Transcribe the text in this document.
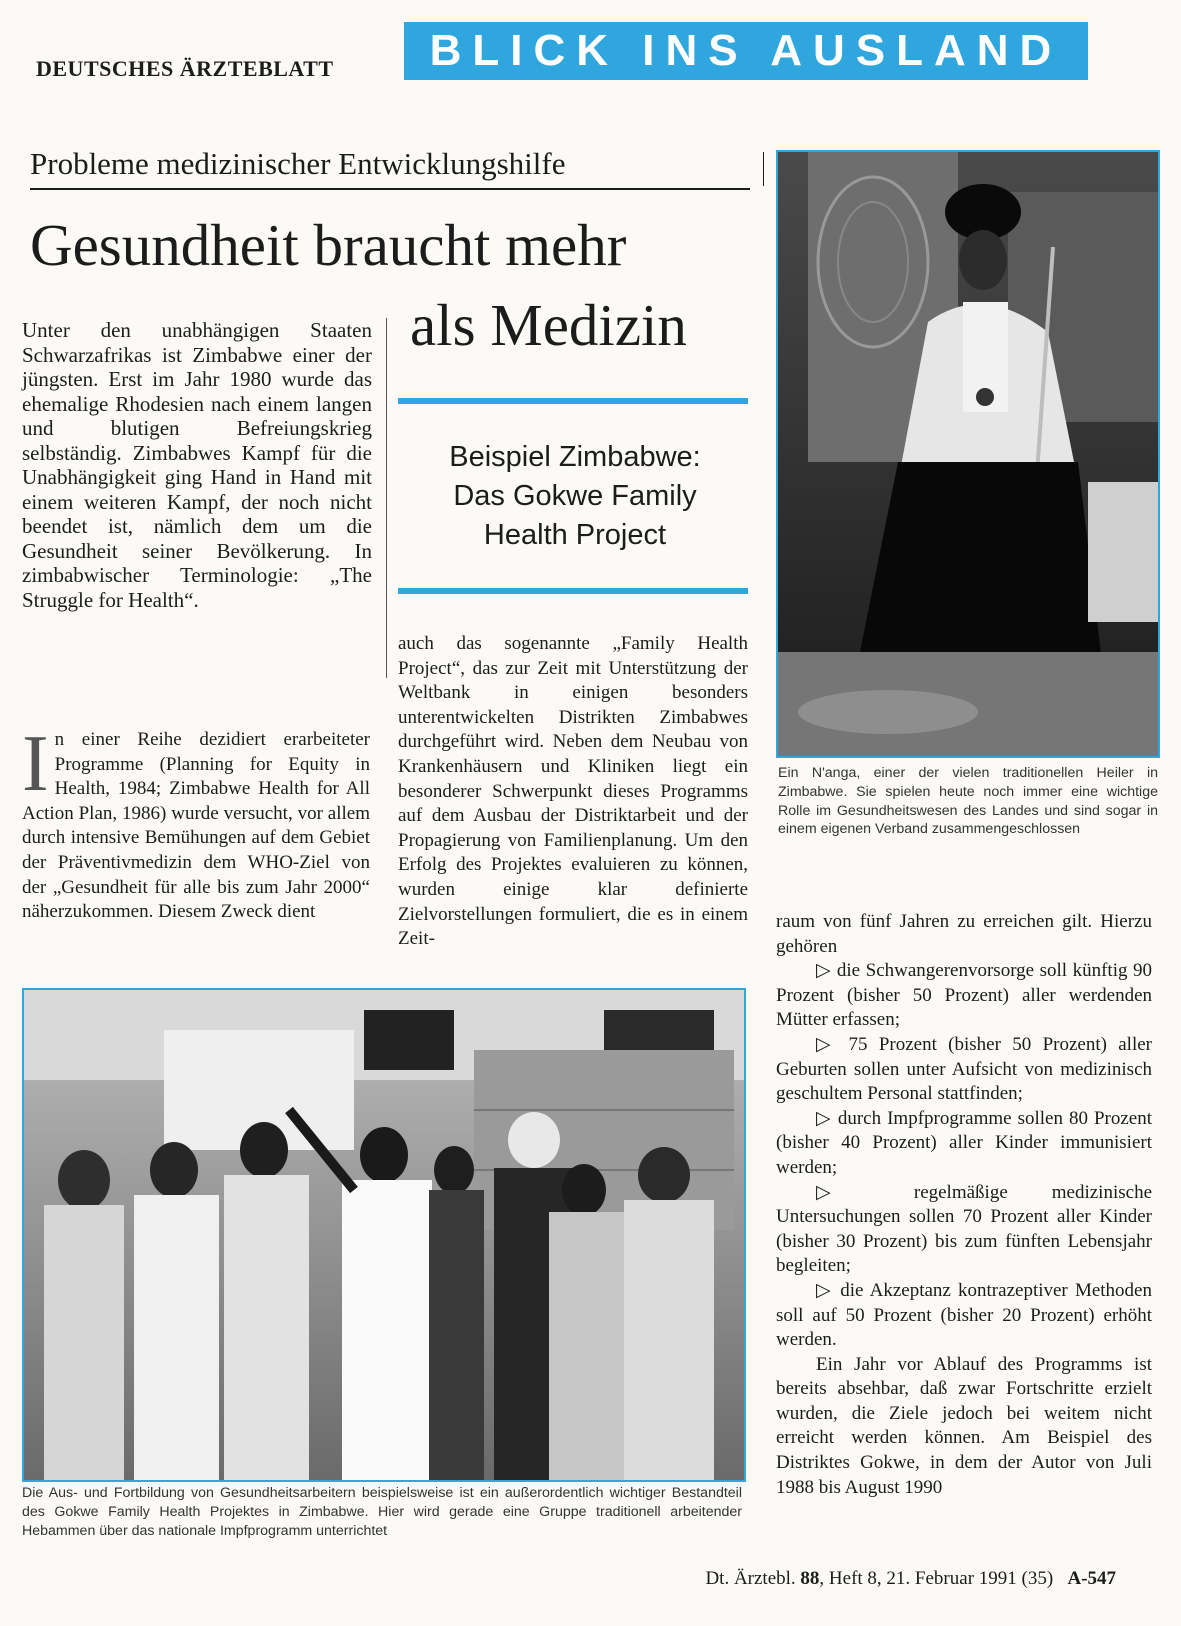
DEUTSCHES ÄRZTEBLATT	BLICK INS AUSLAND
Probleme medizinischer Entwicklungshilfe
Gesundheit braucht mehr
als Medizin
Beispiel Zimbabwe:
Das Gokwe Family
Health Project
Unter den unabhängigen Staaten Schwarzafrikas ist Zimbabwe einer der jüngsten. Erst im Jahr 1980 wurde das ehemalige Rhodesien nach einem langen und blutigen Befreiungskrieg selbständig. Zimbabwes Kampf für die Unabhängigkeit ging Hand in Hand mit einem weiteren Kampf, der noch nicht beendet ist, nämlich dem um die Gesundheit seiner Bevölkerung. In zimbabwischer Terminologie: „The Struggle for Health“.
In einer Reihe dezidiert erarbeiteter Programme (Planning for Equity in Health, 1984; Zimbabwe Health for All Action Plan, 1986) wurde versucht, vor allem durch intensive Bemühungen auf dem Gebiet der Präventivmedizin dem WHO-Ziel von der „Gesundheit für alle bis zum Jahr 2000“ näherzukommen. Diesem Zweck dient
auch das sogenannte „Family Health Project“, das zur Zeit mit Unterstützung der Weltbank in einigen besonders unterentwickelten Distrikten Zimbabwes durchgeführt wird. Neben dem Neubau von Krankenhäusern und Kliniken liegt ein besonderer Schwerpunkt dieses Programms auf dem Ausbau der Distriktarbeit und der Propagierung von Familienplanung. Um den Erfolg des Projektes evaluieren zu können, wurden einige klar definierte Zielvorstellungen formuliert, die es in einem Zeit-
Ein N'anga, einer der vielen traditionellen Heiler in Zimbabwe. Sie spielen heute noch immer eine wichtige Rolle im Gesundheitswesen des Landes und sind sogar in einem eigenen Verband zusammengeschlossen
Die Aus- und Fortbildung von Gesundheitsarbeitern beispielsweise ist ein außerordentlich wichtiger Bestandteil des Gokwe Family Health Projektes in Zimbabwe. Hier wird gerade eine Gruppe traditionell arbeitender Hebammen über das nationale Impfprogramm unterrichtet

raum von fünf Jahren zu erreichen gilt. Hierzu gehören

▷ die Schwangerenvorsorge soll künftig 90 Prozent (bisher 50 Prozent) aller werdenden Mütter erfassen;

▷ 75 Prozent (bisher 50 Prozent) aller Geburten sollen unter Aufsicht von medizinisch geschultem Personal stattfinden;

▷ durch Impfprogramme sollen 80 Prozent (bisher 40 Prozent) aller Kinder immunisiert werden;

▷ regelmäßige medizinische Untersuchungen sollen 70 Prozent aller Kinder (bisher 30 Prozent) bis zum fünften Lebensjahr begleiten;

▷ die Akzeptanz kontrazeptiver Methoden soll auf 50 Prozent (bisher 20 Prozent) erhöht werden.

Ein Jahr vor Ablauf des Programms ist bereits absehbar, daß zwar Fortschritte erzielt wurden, die Ziele jedoch bei weitem nicht erreicht werden können. Am Beispiel des Distriktes Gokwe, in dem der Autor von Juli 1988 bis August 1990

Dt. Ärztebl. 88, Heft 8, 21. Februar 1991 (35) A-547
